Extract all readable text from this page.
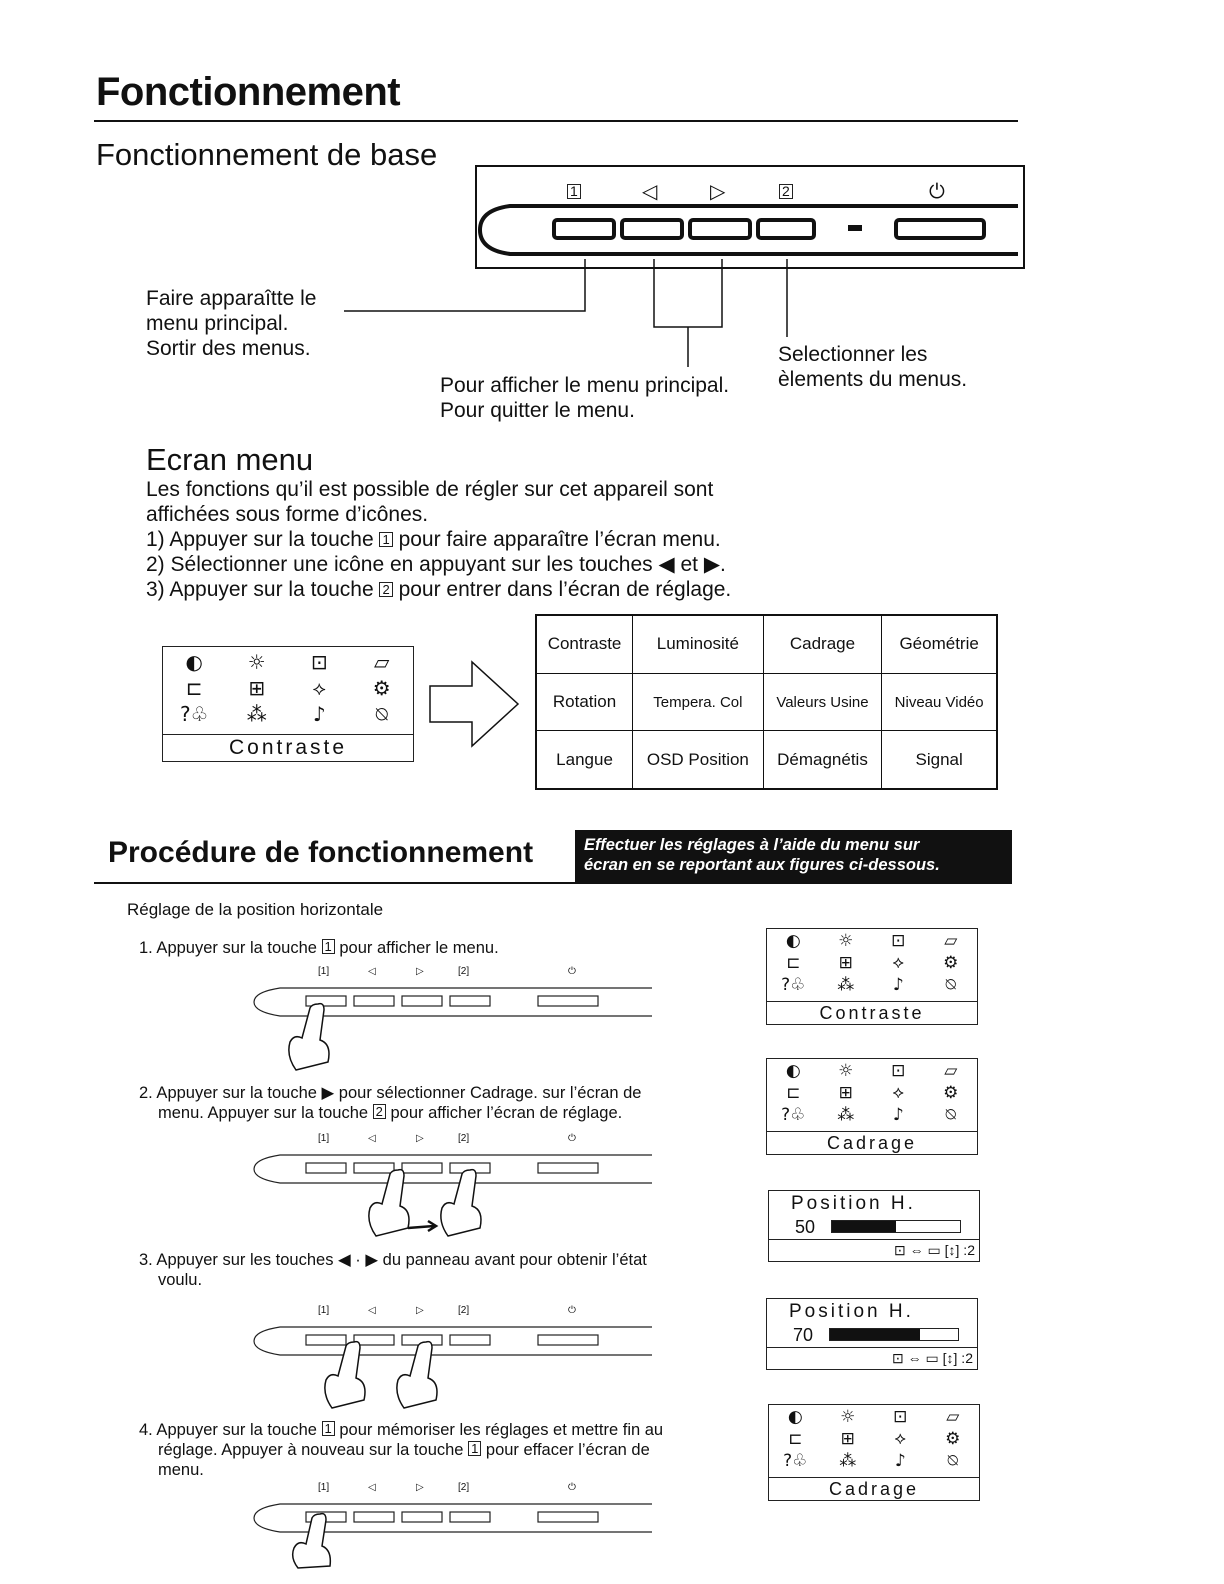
Fonctionnement
Fonctionnement de base
1	◁	▷	2	⏻
Faire apparaîtte le
menu principal.
Sortir des menus.
Pour afficher le menu principal.
Pour quitter le menu.
Selectionner les
èlements du menus.
Ecran menu
Les fonctions qu’il est possible de régler sur cet appareil sont
affichées sous forme d’icônes.
1) Appuyer sur la touche 1 pour faire apparaître l’écran menu.
2) Sélectionner une icône en appuyant sur les touches ◀ et ▶.
3) Appuyer sur la touche 2 pour entrer dans l’écran de réglage.
◐	☼	⊡	▱
⊏	⊞	⟡	⚙
?♧	⁂	♪	⍉
Contraste
Contraste	Luminosité	Cadrage	Géométrie
Rotation	Tempera. Col	Valeurs Usine	Niveau Vidéo
Langue	OSD Position	Démagnétis	Signal
Procédure de fonctionnement	Effectuer les réglages à l’aide du menu sur
écran en se reportant aux figures ci-dessous.
Réglage de la position horizontale
1. Appuyer sur la touche 1 pour afficher le menu.
2. Appuyer sur la touche ▶ pour sélectionner Cadrage. sur l’écran de
menu. Appuyer sur la touche 2 pour afficher l’écran de réglage.
3. Appuyer sur les touches ◀ · ▶ du panneau avant pour obtenir l’état
voulu.
4. Appuyer sur la touche 1 pour mémoriser les réglages et mettre fin au
réglage. Appuyer à nouveau sur la touche 1 pour effacer l’écran de
menu.
[1]	◁	▷	[2]	⏻
[1]	◁	▷	[2]	⏻
[1]	◁	▷	[2]	⏻
[1]	◁	▷	[2]	⏻
◐	☼	⊡	▱
⊏	⊞	⟡	⚙
?♧	⁂	♪	⍉
Contraste
◐	☼	⊡	▱
⊏	⊞	⟡	⚙
?♧	⁂	♪	⍉
Cadrage
Position H.
50
⊡ ⇔ ▭ [↕] :2
Position H.
70
⊡ ⇔ ▭ [↕] :2
◐	☼	⊡	▱
⊏	⊞	⟡	⚙
?♧	⁂	♪	⍉
Cadrage
